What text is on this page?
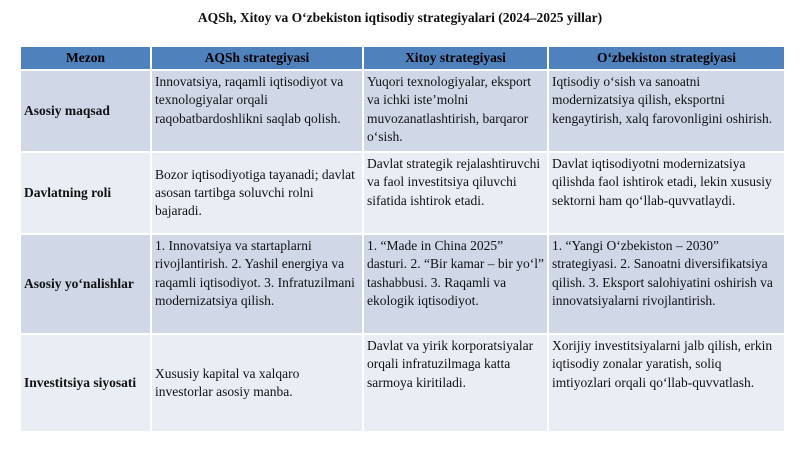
AQSh, Xitoy va O‘zbekiston iqtisodiy strategiyalari (2024–2025 yillar)
Mezon	AQSh strategiyasi	Xitoy strategiyasi	O‘zbekiston strategiyasi
Asosiy maqsad	Innovatsiya, raqamli iqtisodiyot va texnologiyalar orqali raqobatbardoshlikni saqlab qolish.	Yuqori texnologiyalar, eksport va ichki iste’molni muvozanatlashtirish, barqaror o‘sish.	Iqtisodiy o‘sish va sanoatni modernizatsiya qilish, eksportni kengaytirish, xalq farovonligini oshirish.
Davlatning roli	Bozor iqtisodiyotiga tayanadi; davlat asosan tartibga soluvchi rolni bajaradi.	Davlat strategik rejalashtiruvchi va faol investitsiya qiluvchi sifatida ishtirok etadi.	Davlat iqtisodiyotni modernizatsiya qilishda faol ishtirok etadi, lekin xususiy sektorni ham qo‘llab-quvvatlaydi.
Asosiy yo‘nalishlar	1. Innovatsiya va startaplarni rivojlantirish. 2. Yashil energiya va raqamli iqtisodiyot. 3. Infratuzilmani modernizatsiya qilish.	1. “Made in China 2025” dasturi. 2. “Bir kamar – bir yo‘l” tashabbusi. 3. Raqamli va ekologik iqtisodiyot.	1. “Yangi O‘zbekiston – 2030” strategiyasi. 2. Sanoatni diversifikatsiya qilish. 3. Eksport salohiyatini oshirish va innovatsiyalarni rivojlantirish.
Investitsiya siyosati	Xususiy kapital va xalqaro investorlar asosiy manba.	Davlat va yirik korporatsiyalar orqali infratuzilmaga katta sarmoya kiritiladi.	Xorijiy investitsiyalarni jalb qilish, erkin iqtisodiy zonalar yaratish, soliq imtiyozlari orqali qo‘llab-quvvatlash.
